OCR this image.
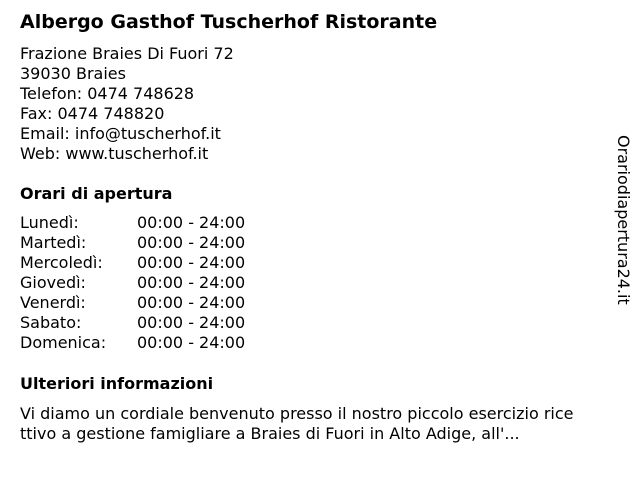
Albergo Gasthof Tuscherhof Ristorante
Frazione Braies Di Fuori 72
39030 Braies
Telefon: 0474 748628
Fax: 0474 748820
Email: info@tuscherhof.it
Web: www.tuscherhof.it
Orari di apertura
Lunedì:	00:00 - 24:00
Martedì:	00:00 - 24:00
Mercoledì: 00:00 - 24:00
Giovedì:	00:00 - 24:00
Venerdì:	00:00 - 24:00
Sabato:	00:00 - 24:00
Domenica: 00:00 - 24:00
Ulteriori informazioni
Vi diamo un cordiale benvenuto presso il nostro piccolo esercizio rice
ttivo a gestione famigliare a Braies di Fuori in Alto Adige, all'...
Orariodiapertura24.it
